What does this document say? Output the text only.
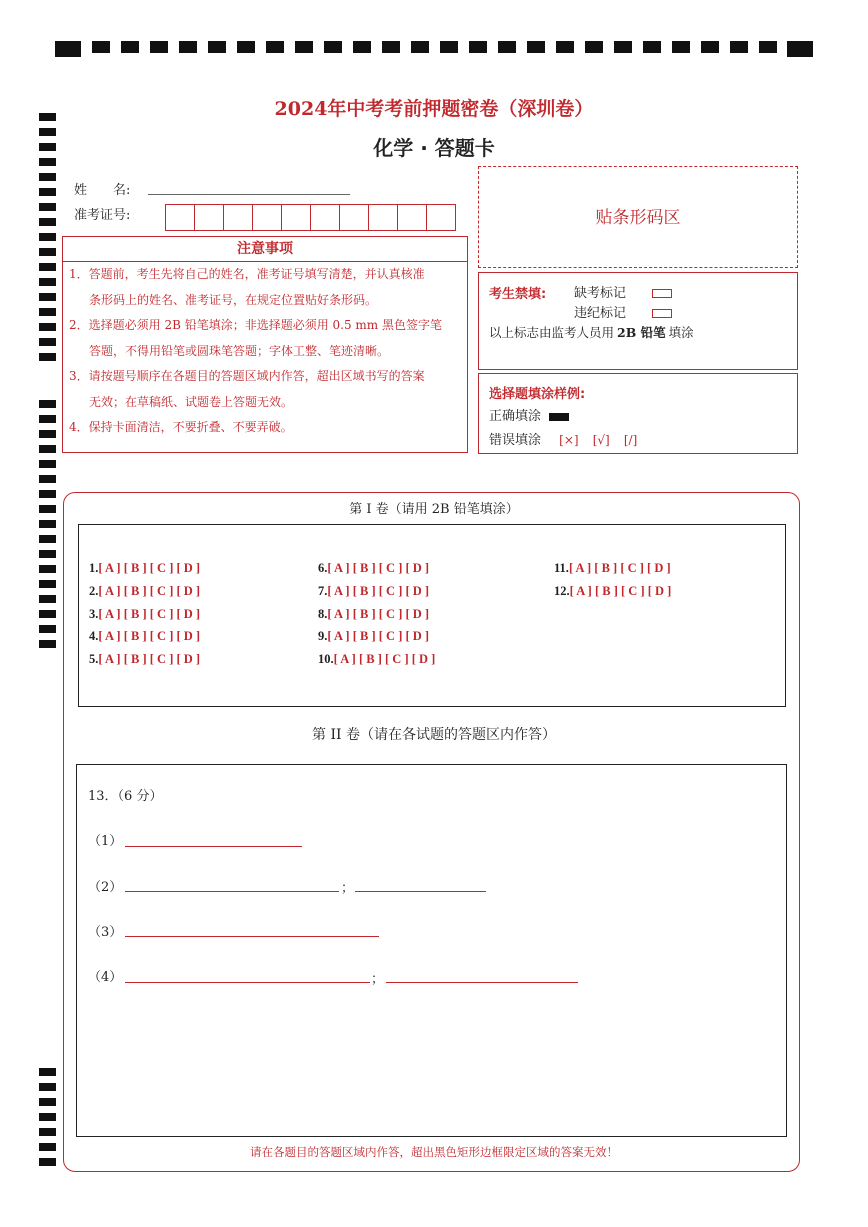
2024年中考考前押题密卷（深圳卷）
化学 · 答题卡
姓　　名:
准考证号:	贴条形码区
注意事项

1．答题前，考生先将自己的姓名，准考证号填写清楚，并认真核准

条形码上的姓名、准考证号，在规定位置贴好条形码。

2．选择题必须用 2B 铅笔填涂；非选择题必须用 0.5 mm 黑色签字笔

答题，不得用铅笔或圆珠笔答题；字体工整、笔迹清晰。

3．请按题号顺序在各题目的答题区域内作答，超出区域书写的答案

无效；在草稿纸、试题卷上答题无效。

4．保持卡面清洁，不要折叠、不要弄破。

考生禁填: 缺考标记
违纪标记
以上标志由监考人员用 2B 铅笔 填涂
选择题填涂样例:
正确填涂
错误填涂 [×] [√] [/]
第 I 卷（请用 2B 铅笔填涂）
1.[ A ] [ B ] [ C ] [ D ]
2.[ A ] [ B ] [ C ] [ D ]
3.[ A ] [ B ] [ C ] [ D ]
4.[ A ] [ B ] [ C ] [ D ]
5.[ A ] [ B ] [ C ] [ D ]
6.[ A ] [ B ] [ C ] [ D ]
7.[ A ] [ B ] [ C ] [ D ]
8.[ A ] [ B ] [ C ] [ D ]
9.[ A ] [ B ] [ C ] [ D ]
10.[ A ] [ B ] [ C ] [ D ]
11.[ A ] [ B ] [ C ] [ D ]
12.[ A ] [ B ] [ C ] [ D ]
第 II 卷（请在各试题的答题区内作答）
13．（6 分）
（1）
（2）	；
（3）
（4）	；
请在各题目的答题区域内作答，超出黑色矩形边框限定区域的答案无效！
